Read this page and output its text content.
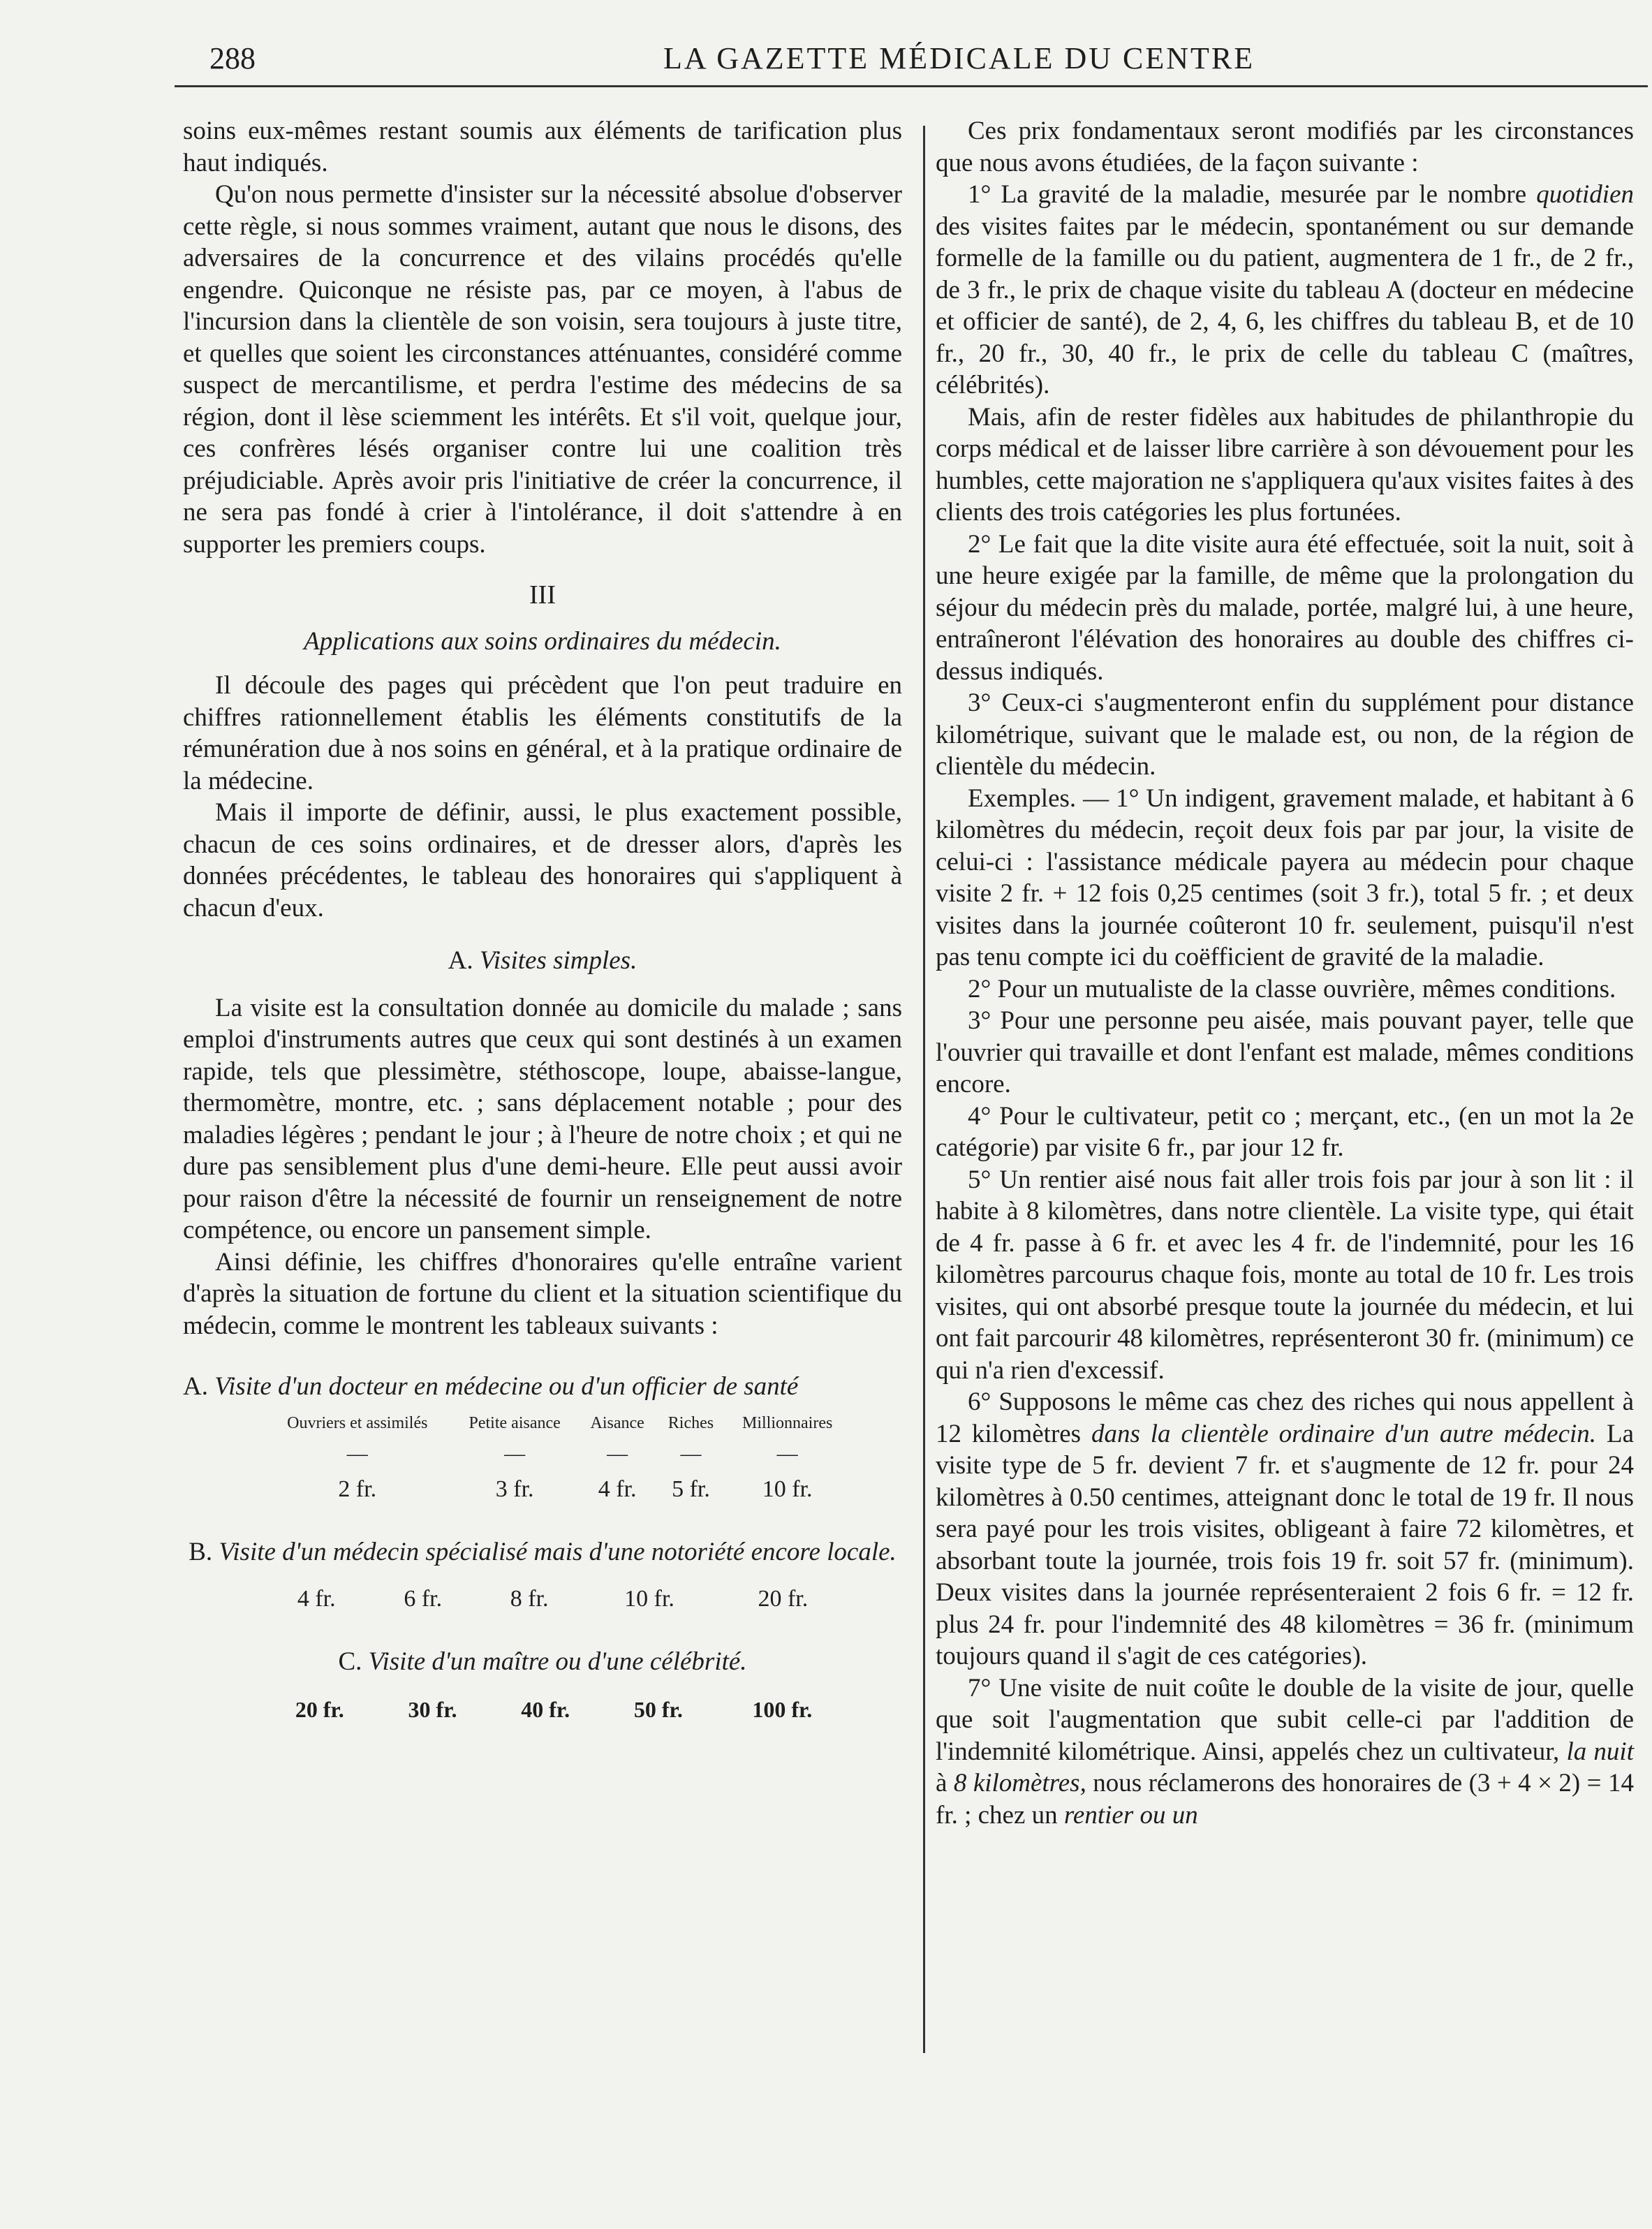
288	LA GAZETTE MÉDICALE DU CENTRE

soins eux-mêmes restant soumis aux éléments de tarification plus haut indiqués.

Qu'on nous permette d'insister sur la nécessité absolue d'observer cette règle, si nous sommes vraiment, autant que nous le disons, des adversaires de la concurrence et des vilains procédés qu'elle engendre. Quiconque ne résiste pas, par ce moyen, à l'abus de l'incursion dans la clientèle de son voisin, sera toujours à juste titre, et quelles que soient les circonstances atténuantes, considéré comme suspect de mercantilisme, et perdra l'estime des médecins de sa région, dont il lèse sciemment les intérêts. Et s'il voit, quelque jour, ces confrères lésés organiser contre lui une coalition très préjudiciable. Après avoir pris l'initiative de créer la concurrence, il ne sera pas fondé à crier à l'intolérance, il doit s'attendre à en supporter les premiers coups.

III
Applications aux soins ordinaires du médecin.

Il découle des pages qui précèdent que l'on peut traduire en chiffres rationnellement établis les éléments constitutifs de la rémunération due à nos soins en général, et à la pratique ordinaire de la médecine.

Mais il importe de définir, aussi, le plus exactement possible, chacun de ces soins ordinaires, et de dresser alors, d'après les données précédentes, le tableau des honoraires qui s'appliquent à chacun d'eux.

A. Visites simples.

La visite est la consultation donnée au domicile du malade ; sans emploi d'instruments autres que ceux qui sont destinés à un examen rapide, tels que plessimètre, stéthoscope, loupe, abaisse-langue, thermomètre, montre, etc. ; sans déplacement notable ; pour des maladies légères ; pendant le jour ; à l'heure de notre choix ; et qui ne dure pas sensiblement plus d'une demi-heure. Elle peut aussi avoir pour raison d'être la nécessité de fournir un renseignement de notre compétence, ou encore un pansement simple.

Ainsi définie, les chiffres d'honoraires qu'elle entraîne varient d'après la situation de fortune du client et la situation scientifique du médecin, comme le montrent les tableaux suivants :

A. Visite d'un docteur en médecine ou d'un officier de santé
Ouvriers et assimilés	Petite aisance	Aisance	Riches	Millionnaires
—	—	—	—	—
2 fr.	3 fr.	4 fr.	5 fr.	10 fr.
B. Visite d'un médecin spécialisé mais d'une notoriété encore locale.
4 fr.	6 fr.	8 fr.	10 fr.	20 fr.
C. Visite d'un maître ou d'une célébrité.
20 fr.	30 fr.	40 fr.	50 fr.	100 fr.

Ces prix fondamentaux seront modifiés par les circonstances que nous avons étudiées, de la façon suivante :

1° La gravité de la maladie, mesurée par le nombre quotidien des visites faites par le médecin, spontanément ou sur demande formelle de la famille ou du patient, augmentera de 1 fr., de 2 fr., de 3 fr., le prix de chaque visite du tableau A (docteur en médecine et officier de santé), de 2, 4, 6, les chiffres du tableau B, et de 10 fr., 20 fr., 30, 40 fr., le prix de celle du tableau C (maîtres, célébrités).

Mais, afin de rester fidèles aux habitudes de philanthropie du corps médical et de laisser libre carrière à son dévouement pour les humbles, cette majoration ne s'appliquera qu'aux visites faites à des clients des trois catégories les plus fortunées.

2° Le fait que la dite visite aura été effectuée, soit la nuit, soit à une heure exigée par la famille, de même que la prolongation du séjour du médecin près du malade, portée, malgré lui, à une heure, entraîneront l'élévation des honoraires au double des chiffres ci-dessus indiqués.

3° Ceux-ci s'augmenteront enfin du supplément pour distance kilométrique, suivant que le malade est, ou non, de la région de clientèle du médecin.

Exemples. — 1° Un indigent, gravement malade, et habitant à 6 kilomètres du médecin, reçoit deux fois par par jour, la visite de celui-ci : l'assistance médicale payera au médecin pour chaque visite 2 fr. + 12 fois 0,25 centimes (soit 3 fr.), total 5 fr. ; et deux visites dans la journée coûteront 10 fr. seulement, puisqu'il n'est pas tenu compte ici du coëfficient de gravité de la maladie.

2° Pour un mutualiste de la classe ouvrière, mêmes conditions.

3° Pour une personne peu aisée, mais pouvant payer, telle que l'ouvrier qui travaille et dont l'enfant est malade, mêmes conditions encore.

4° Pour le cultivateur, petit co ; merçant, etc., (en un mot la 2e catégorie) par visite 6 fr., par jour 12 fr.

5° Un rentier aisé nous fait aller trois fois par jour à son lit : il habite à 8 kilomètres, dans notre clientèle. La visite type, qui était de 4 fr. passe à 6 fr. et avec les 4 fr. de l'indemnité, pour les 16 kilomètres parcourus chaque fois, monte au total de 10 fr. Les trois visites, qui ont absorbé presque toute la journée du médecin, et lui ont fait parcourir 48 kilomètres, représenteront 30 fr. (minimum) ce qui n'a rien d'excessif.

6° Supposons le même cas chez des riches qui nous appellent à 12 kilomètres dans la clientèle ordinaire d'un autre médecin. La visite type de 5 fr. devient 7 fr. et s'augmente de 12 fr. pour 24 kilomètres à 0.50 centimes, atteignant donc le total de 19 fr. Il nous sera payé pour les trois visites, obligeant à faire 72 kilomètres, et absorbant toute la journée, trois fois 19 fr. soit 57 fr. (minimum). Deux visites dans la journée représenteraient 2 fois 6 fr. = 12 fr. plus 24 fr. pour l'indemnité des 48 kilomètres = 36 fr. (minimum toujours quand il s'agit de ces catégories).

7° Une visite de nuit coûte le double de la visite de jour, quelle que soit l'augmentation que subit celle-ci par l'addition de l'indemnité kilométrique. Ainsi, appelés chez un cultivateur, la nuit à 8 kilomètres, nous réclamerons des honoraires de (3 + 4 × 2) = 14 fr. ; chez un rentier ou un
